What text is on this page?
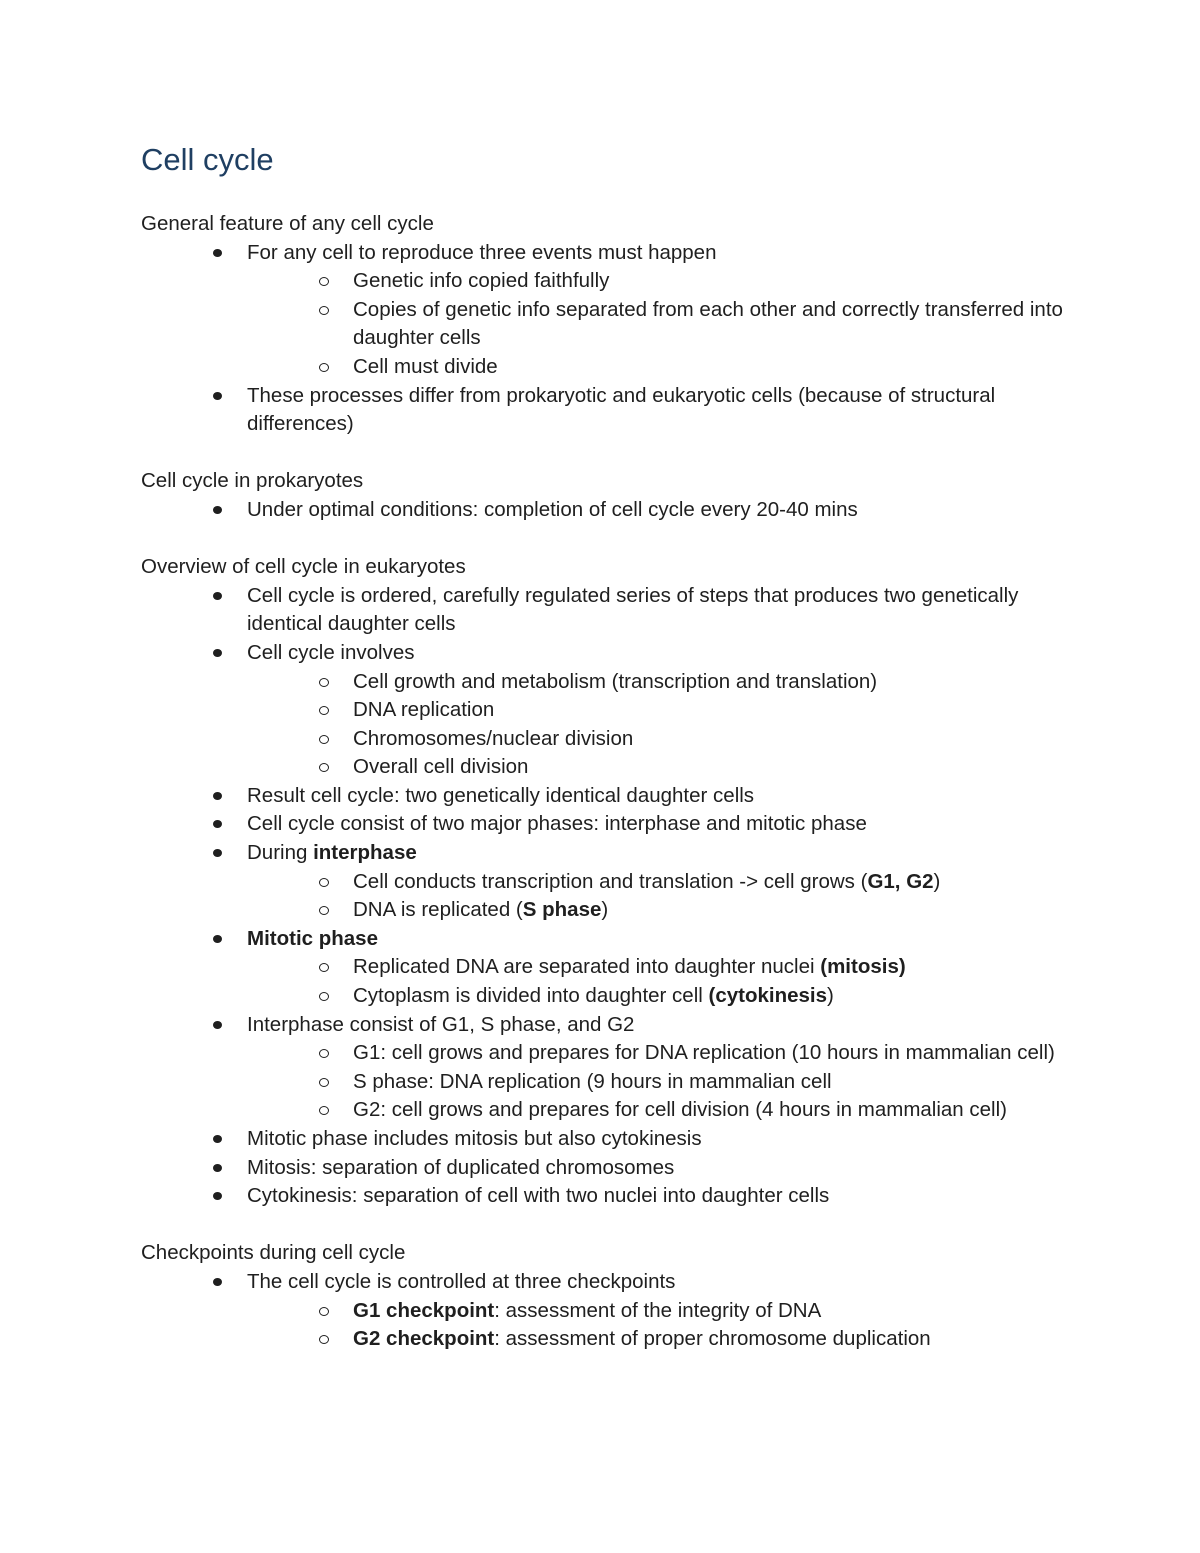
Cell cycle

General feature of any cell cycle

For any cell to reproduce three events must happen
Genetic info copied faithfully
Copies of genetic info separated from each other and correctly transferred into daughter cells
Cell must divide
These processes differ from prokaryotic and eukaryotic cells (because of structural differences)

Cell cycle in prokaryotes

Under optimal conditions: completion of cell cycle every 20-40 mins

Overview of cell cycle in eukaryotes

Cell cycle is ordered, carefully regulated series of steps that produces two genetically identical daughter cells
Cell cycle involves
Cell growth and metabolism (transcription and translation)
DNA replication
Chromosomes/nuclear division
Overall cell division
Result cell cycle: two genetically identical daughter cells
Cell cycle consist of two major phases: interphase and mitotic phase
During interphase
Cell conducts transcription and translation -> cell grows (G1, G2)
DNA is replicated (S phase)
Mitotic phase
Replicated DNA are separated into daughter nuclei (mitosis)
Cytoplasm is divided into daughter cell (cytokinesis)
Interphase consist of G1, S phase, and G2
G1: cell grows and prepares for DNA replication (10 hours in mammalian cell)
S phase: DNA replication (9 hours in mammalian cell
G2: cell grows and prepares for cell division (4 hours in mammalian cell)
Mitotic phase includes mitosis but also cytokinesis
Mitosis: separation of duplicated chromosomes
Cytokinesis: separation of cell with two nuclei into daughter cells

Checkpoints during cell cycle

The cell cycle is controlled at three checkpoints
G1 checkpoint: assessment of the integrity of DNA
G2 checkpoint: assessment of proper chromosome duplication
